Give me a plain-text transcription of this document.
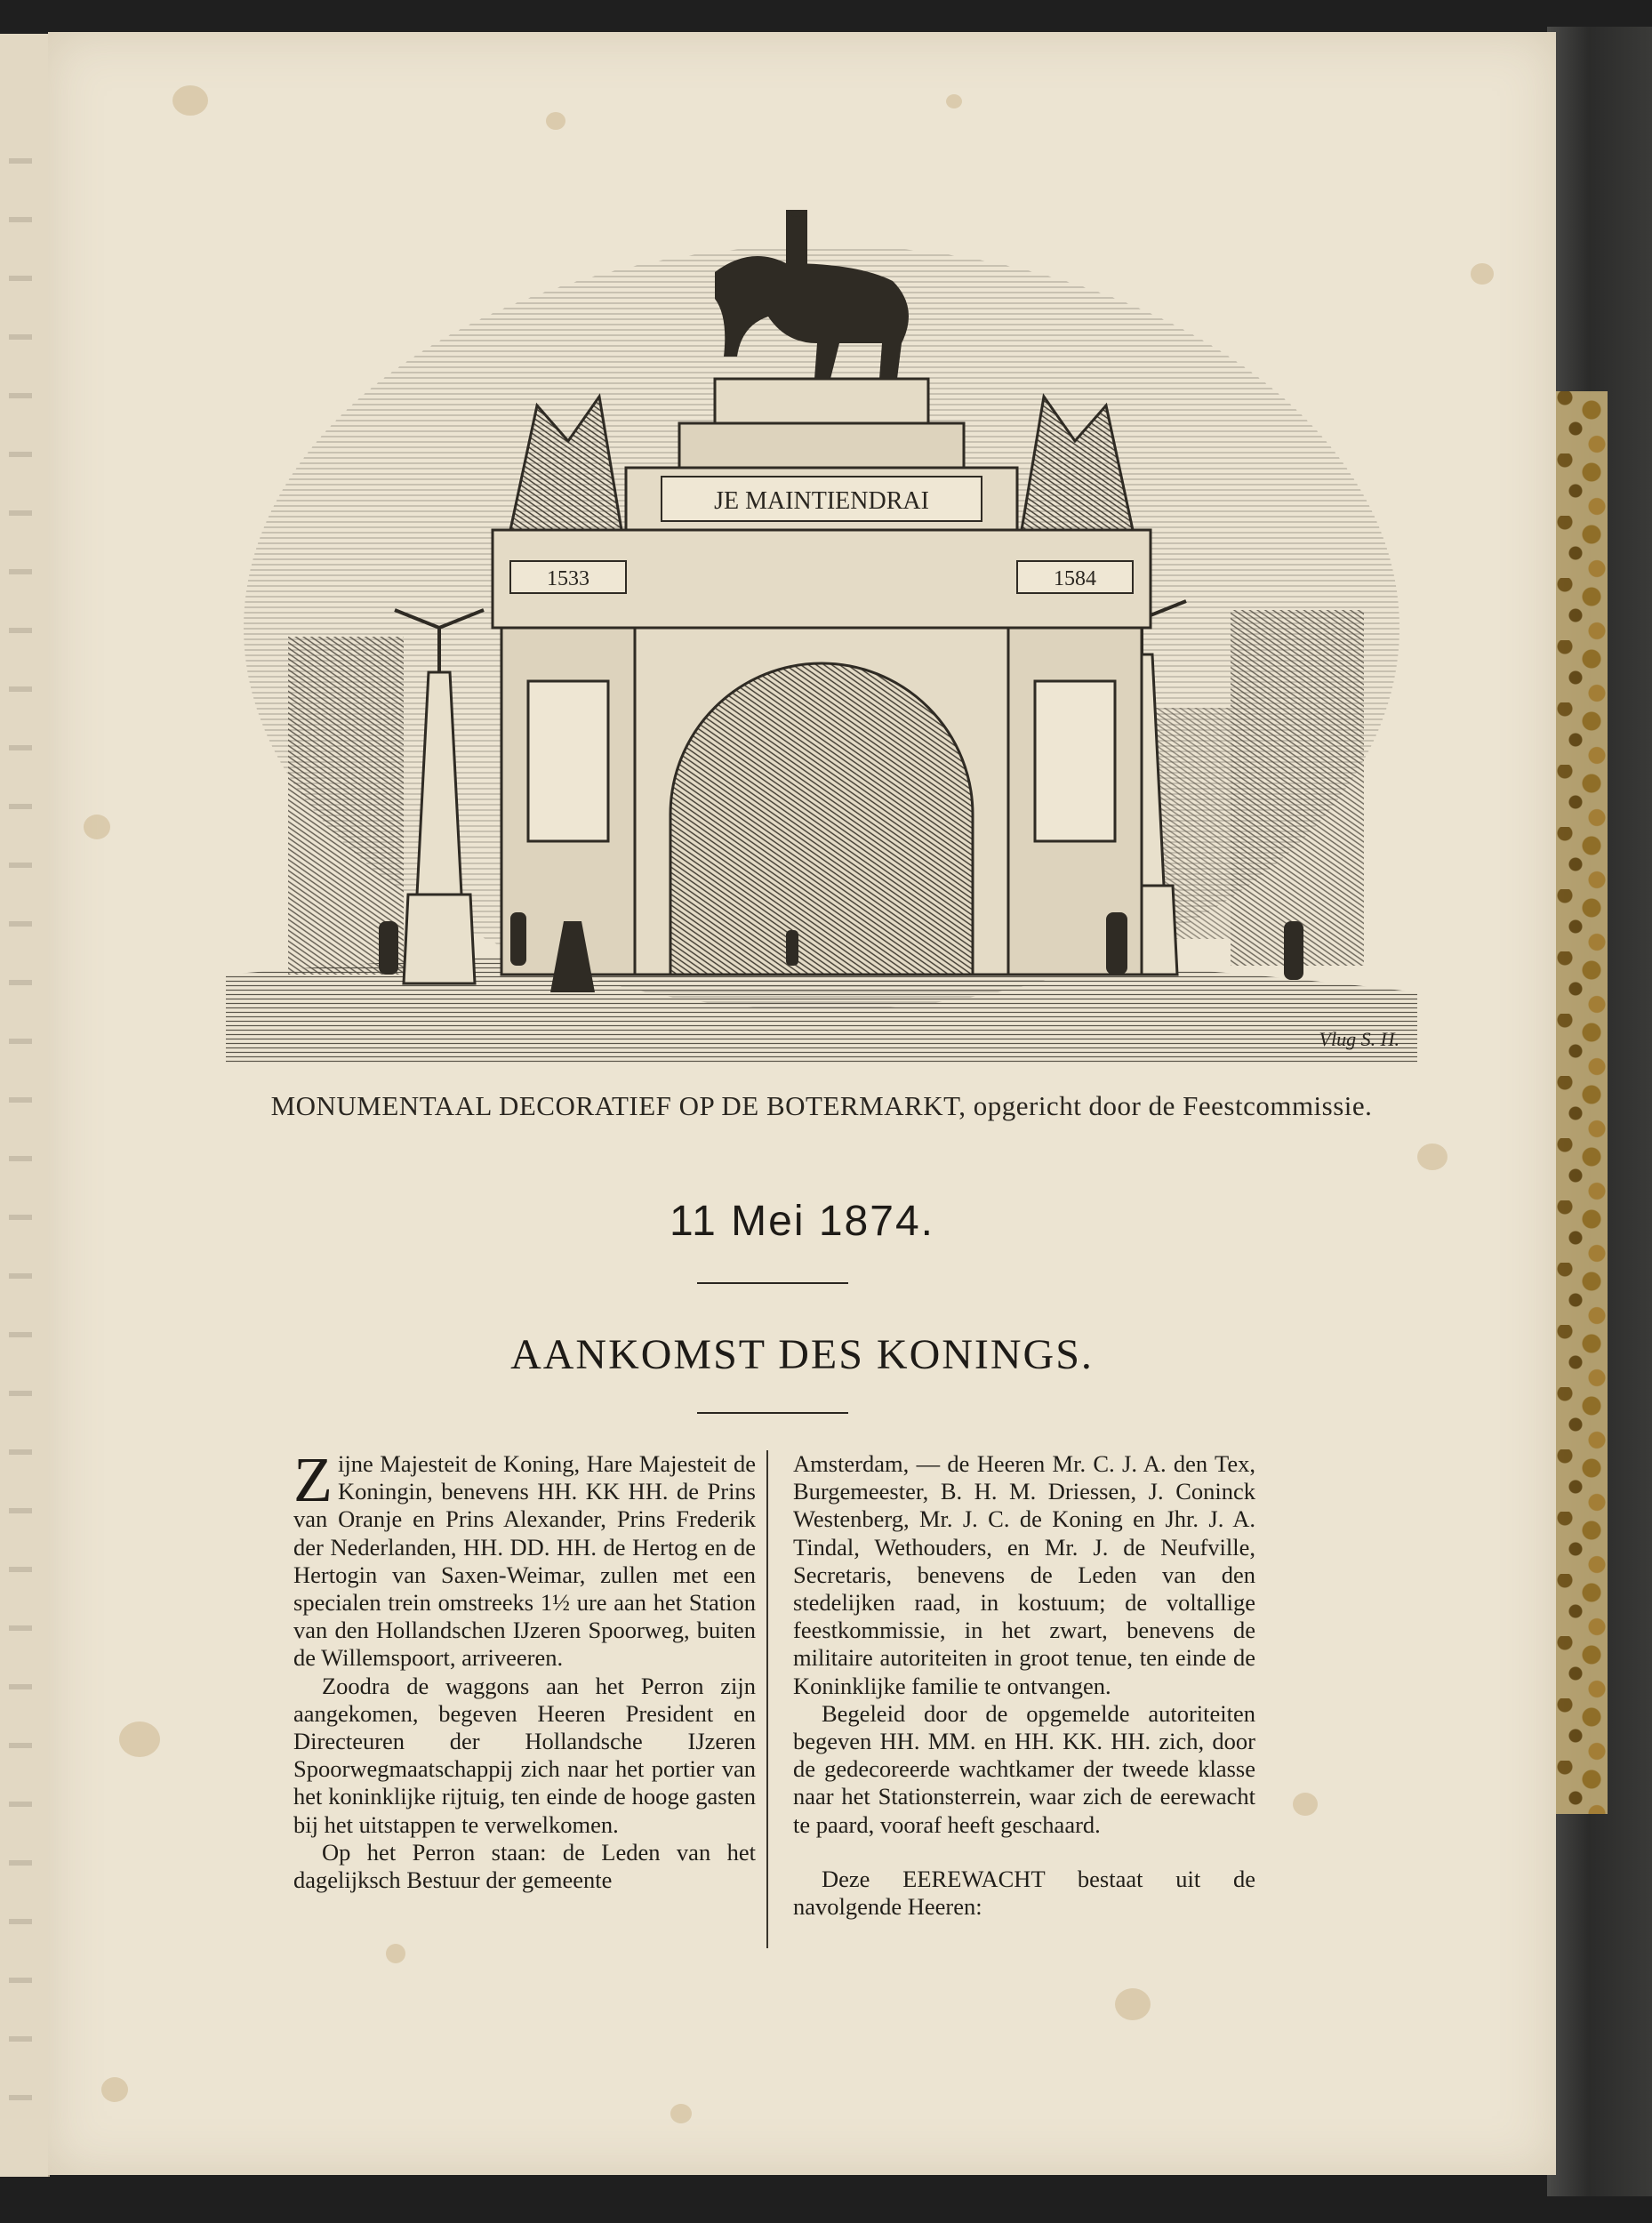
JE MAINTIENDRAI
1533	1584
Vlug S. H.
MONUMENTAAL DECORATIEF OP DE BOTERMARKT, opgericht door de Feestcommissie.
11 Mei 1874.
AANKOMST DES KONINGS.

Zijne Majesteit de Koning, Hare Majesteit de Koningin, benevens HH. KK HH. de Prins van Oranje en Prins Alexander, Prins Frederik der Nederlanden, HH. DD. HH. de Hertog en de Hertogin van Saxen-Weimar, zullen met een specialen trein omstreeks 1½ ure aan het Station van den Hollandschen IJzeren Spoorweg, buiten de Willemspoort, arriveeren.

Zoodra de waggons aan het Perron zijn aangekomen, begeven Heeren President en Directeuren der Hollandsche IJzeren Spoorwegmaatschappij zich naar het portier van het koninklijke rijtuig, ten einde de hooge gasten bij het uitstappen te verwelkomen.

Op het Perron staan: de Leden van het dagelijksch Bestuur der gemeente

Amsterdam, — de Heeren Mr. C. J. A. den Tex, Burgemeester, B. H. M. Driessen, J. Coninck Westenberg, Mr. J. C. de Koning en Jhr. J. A. Tindal, Wethouders, en Mr. J. de Neufville, Secretaris, benevens de Leden van den stedelijken raad, in kostuum; de voltallige feestkommissie, in het zwart, benevens de militaire autoriteiten in groot tenue, ten einde de Koninklijke familie te ontvangen.

Begeleid door de opgemelde autoriteiten begeven HH. MM. en HH. KK. HH. zich, door de gedecoreerde wachtkamer der tweede klasse naar het Stationsterrein, waar zich de eerewacht te paard, vooraf heeft geschaard.

Deze EEREWACHT bestaat uit de navolgende Heeren:
